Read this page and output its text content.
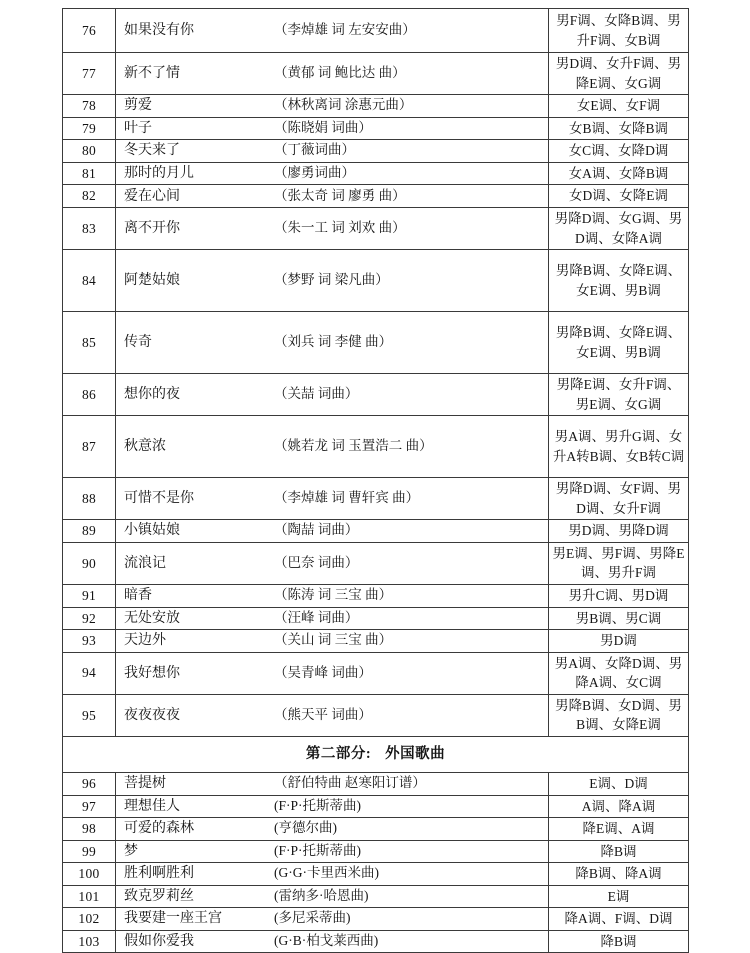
76	如果没有你 （李焯雄 词 左安安曲）	男F调、女降B调、男升F调、女B调
77	新不了情 （黄郁 词 鲍比达 曲）	男D调、女升F调、男降E调、女G调
78	剪爱 （林秋离词 涂惠元曲）	女E调、女F调
79	叶子 （陈晓娟 词曲）	女B调、女降B调
80	冬天来了 （丁薇词曲）	女C调、女降D调
81	那时的月儿 （廖勇词曲）	女A调、女降B调
82	爱在心间 （张太奇 词 廖勇 曲）	女D调、女降E调
83	离不开你 （朱一工 词 刘欢 曲）	男降D调、女G调、男D调、女降A调
84	阿楚姑娘 （梦野 词 梁凡曲）	男降B调、女降E调、女E调、男B调
85	传奇 （刘兵 词 李健 曲）	男降B调、女降E调、女E调、男B调
86	想你的夜 （关喆 词曲）	男降E调、女升F调、男E调、女G调
87	秋意浓 （姚若龙 词 玉置浩二 曲）	男A调、男升G调、女升A转B调、女B转C调
88	可惜不是你 （李焯雄 词 曹轩宾 曲）	男降D调、女F调、男D调、女升F调
89	小镇姑娘 （陶喆 词曲）	男D调、男降D调
90	流浪记 （巴奈 词曲）	男E调、男F调、男降E调、男升F调
91	暗香 （陈涛 词 三宝 曲）	男升C调、男D调
92	无处安放 （汪峰 词曲）	男B调、男C调
93	天边外 （关山 词 三宝 曲）	男D调
94	我好想你 （吴青峰 词曲）	男A调、女降D调、男降A调、女C调
95	夜夜夜夜 （熊天平 词曲）	男降B调、女D调、男B调、女降E调
第二部分: 外国歌曲		
96	菩提树 （舒伯特曲 赵寒阳订谱）	E调、D调
97	理想佳人 (F·P·托斯蒂曲)	A调、降A调
98	可爱的森林 (亨德尔曲)	降E调、A调
99	梦 (F·P·托斯蒂曲)	降B调
100	胜利啊胜利 (G·G·卡里西米曲)	降B调、降A调
101	致克罗莉丝 (雷纳多·哈恩曲)	E调
102	我要建一座王宫 (多尼采蒂曲)	降A调、F调、D调
103	假如你爱我 (G·B·柏戈莱西曲)	降B调
